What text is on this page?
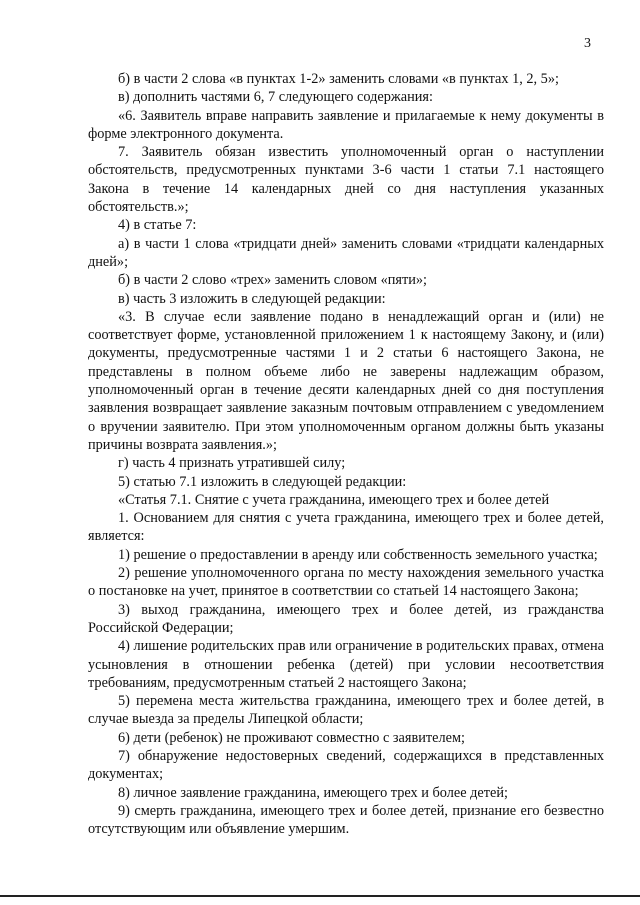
3

б) в части 2 слова «в пунктах 1-2» заменить словами «в пунктах 1, 2, 5»;

в) дополнить частями 6, 7 следующего содержания:

«6. Заявитель вправе направить заявление и прилагаемые к нему документы в форме электронного документа.

7. Заявитель обязан известить уполномоченный орган о наступлении обстоятельств, предусмотренных пунктами 3-6 части 1 статьи 7.1 настоящего Закона в течение 14 календарных дней со дня наступления указанных обстоятельств.»;

4) в статье 7:

а) в части 1 слова «тридцати дней» заменить словами «тридцати календарных дней»;

б) в части 2 слово «трех» заменить словом «пяти»;

в) часть 3 изложить в следующей редакции:

«3. В случае если заявление подано в ненадлежащий орган и (или) не соответствует форме, установленной приложением 1 к настоящему Закону, и (или) документы, предусмотренные частями 1 и 2 статьи 6 настоящего Закона, не представлены в полном объеме либо не заверены надлежащим образом, уполномоченный орган в течение десяти календарных дней со дня поступления заявления возвращает заявление заказным почтовым отправлением с уведомлением о вручении заявителю. При этом уполномоченным органом должны быть указаны причины возврата заявления.»;

г) часть 4 признать утратившей силу;

5) статью 7.1 изложить в следующей редакции:

«Статья 7.1. Снятие с учета гражданина, имеющего трех и более детей

1. Основанием для снятия с учета гражданина, имеющего трех и более детей, является:

1) решение о предоставлении в аренду или собственность земельного участка;

2) решение уполномоченного органа по месту нахождения земельного участка о постановке на учет, принятое в соответствии со статьей 14 настоящего Закона;

3) выход гражданина, имеющего трех и более детей, из гражданства Российской Федерации;

4) лишение родительских прав или ограничение в родительских правах, отмена усыновления в отношении ребенка (детей) при условии несоответствия требованиям, предусмотренным статьей 2 настоящего Закона;

5) перемена места жительства гражданина, имеющего трех и более детей, в случае выезда за пределы Липецкой области;

6) дети (ребенок) не проживают совместно с заявителем;

7) обнаружение недостоверных сведений, содержащихся в представленных документах;

8) личное заявление гражданина, имеющего трех и более детей;

9) смерть гражданина, имеющего трех и более детей, признание его безвестно отсутствующим или объявление умершим.
